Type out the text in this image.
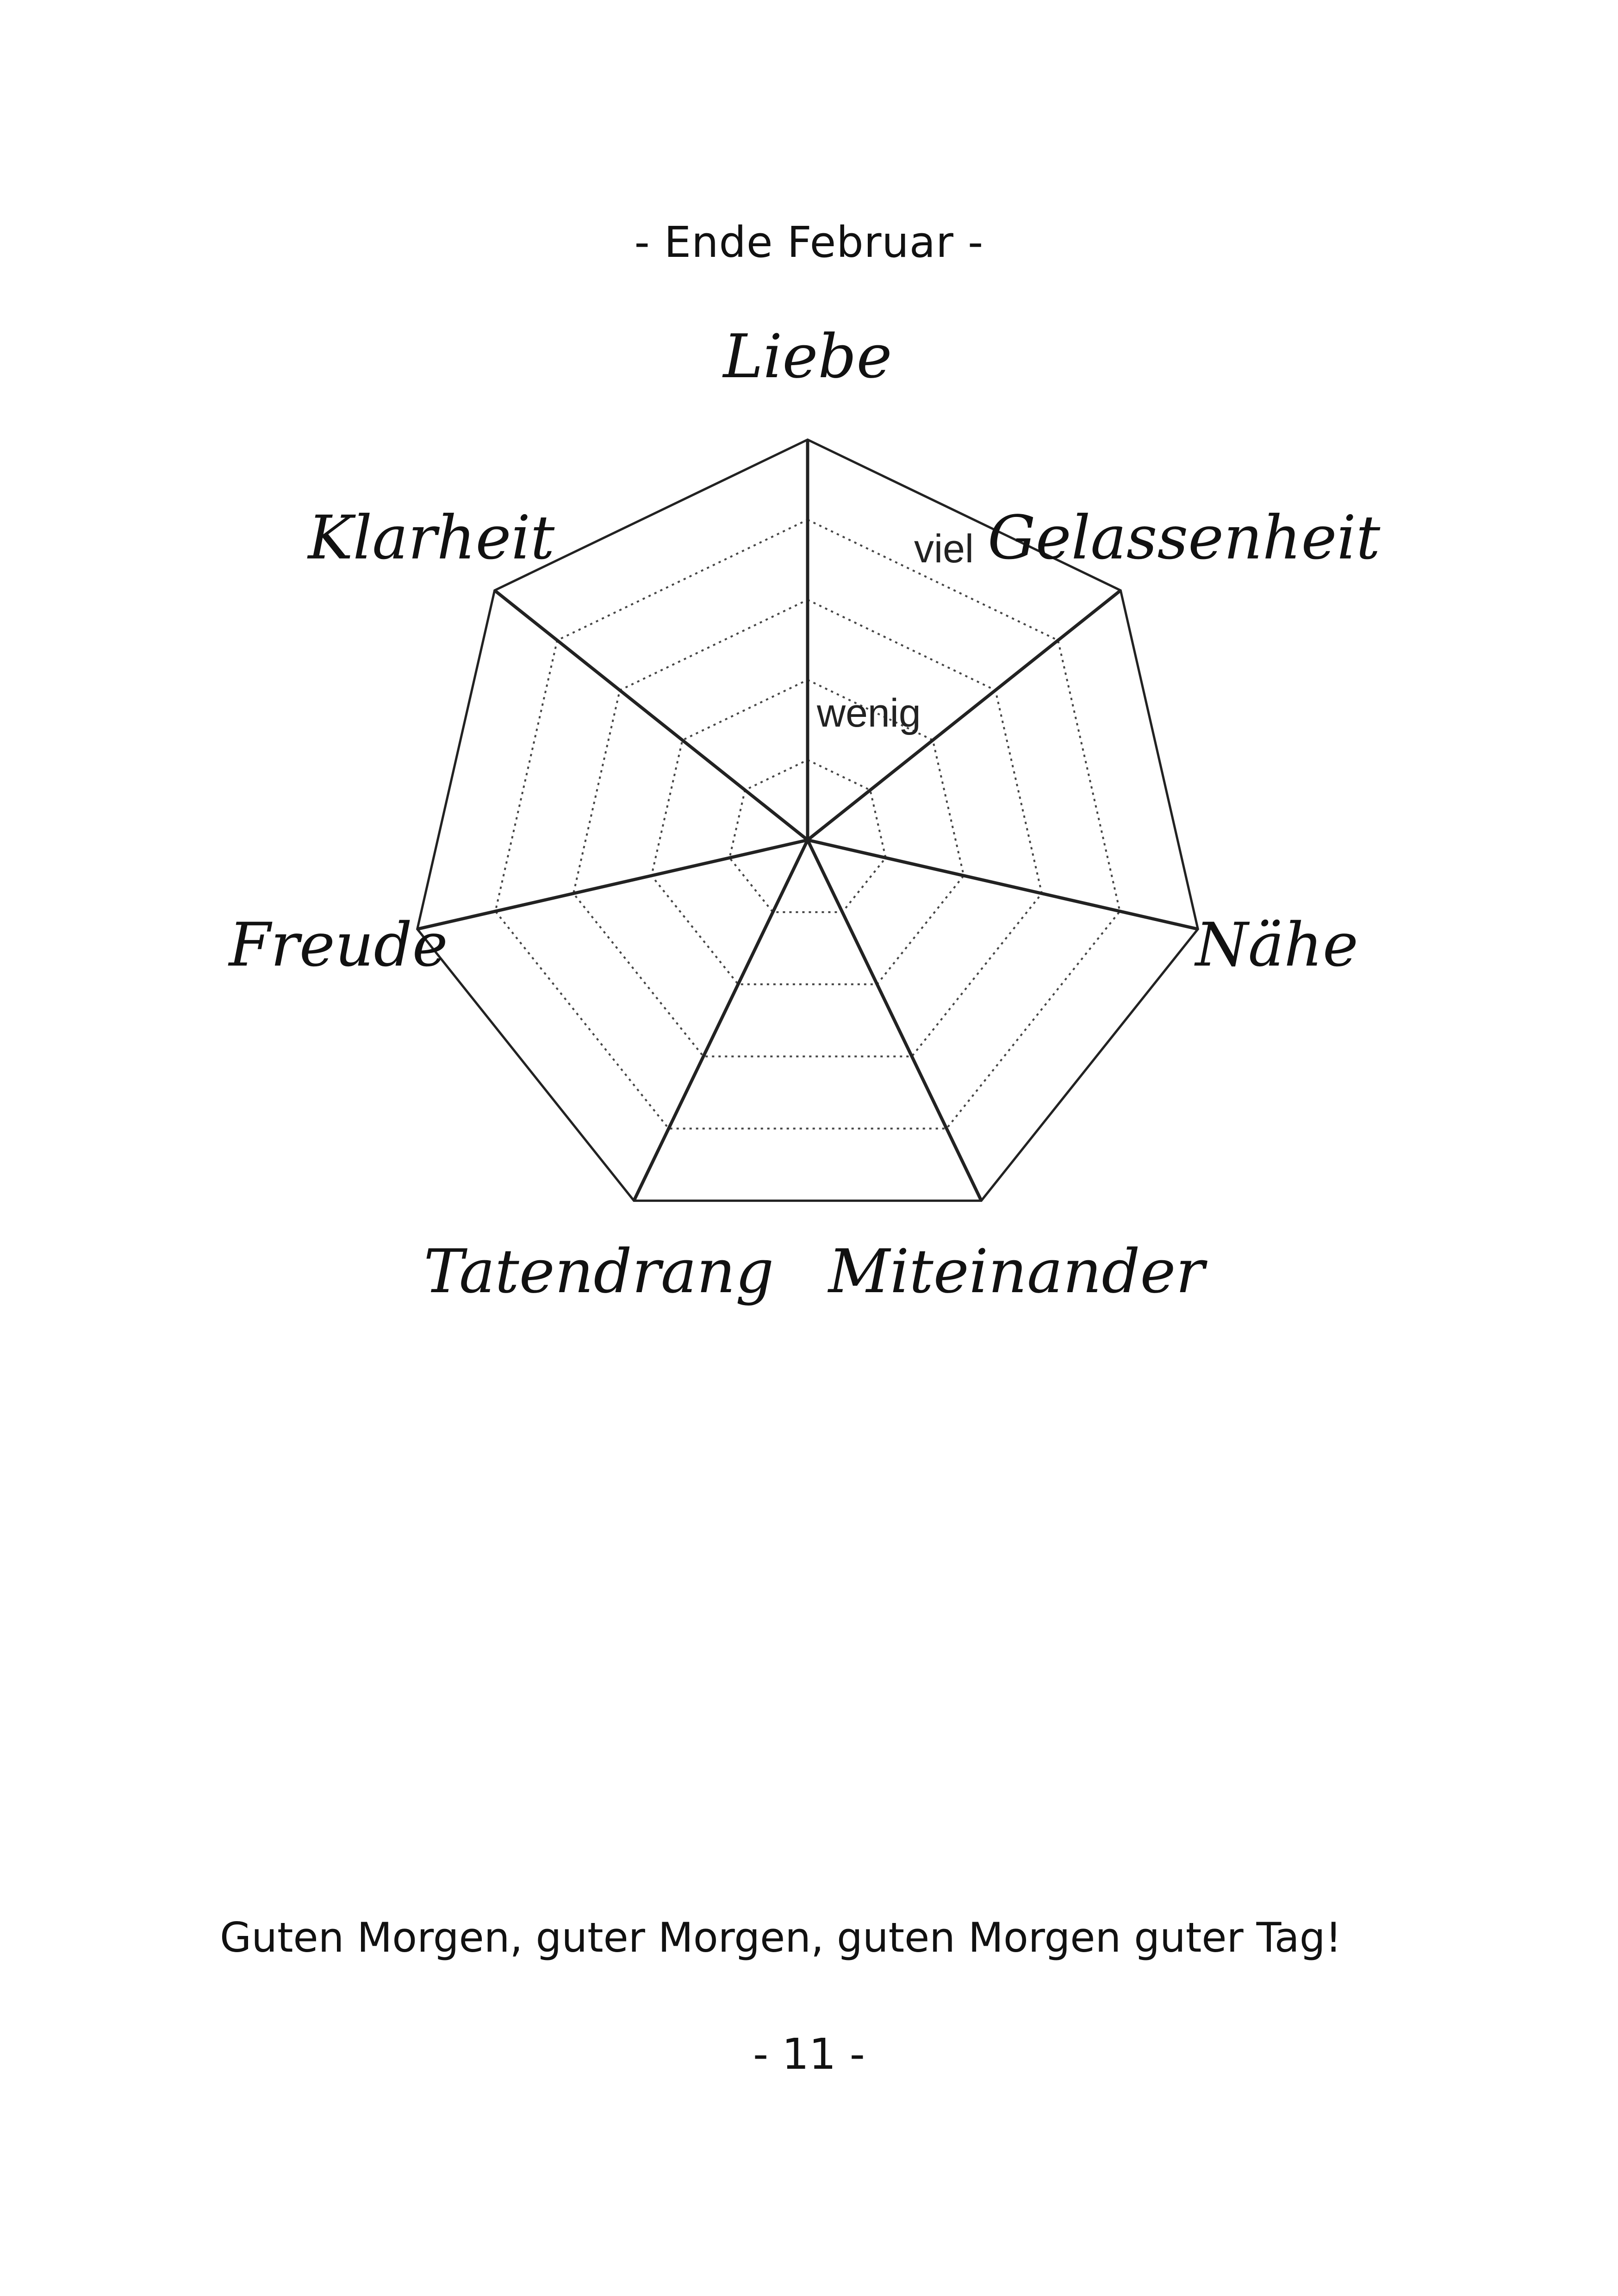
- Ende Februar -
Liebe
Gelassenheit
Nähe
Miteinander
Tatendrang
Freude
Klarheit	viel
wenig
Guten Morgen, guter Morgen, guten Morgen guter Tag!
- 11 -
